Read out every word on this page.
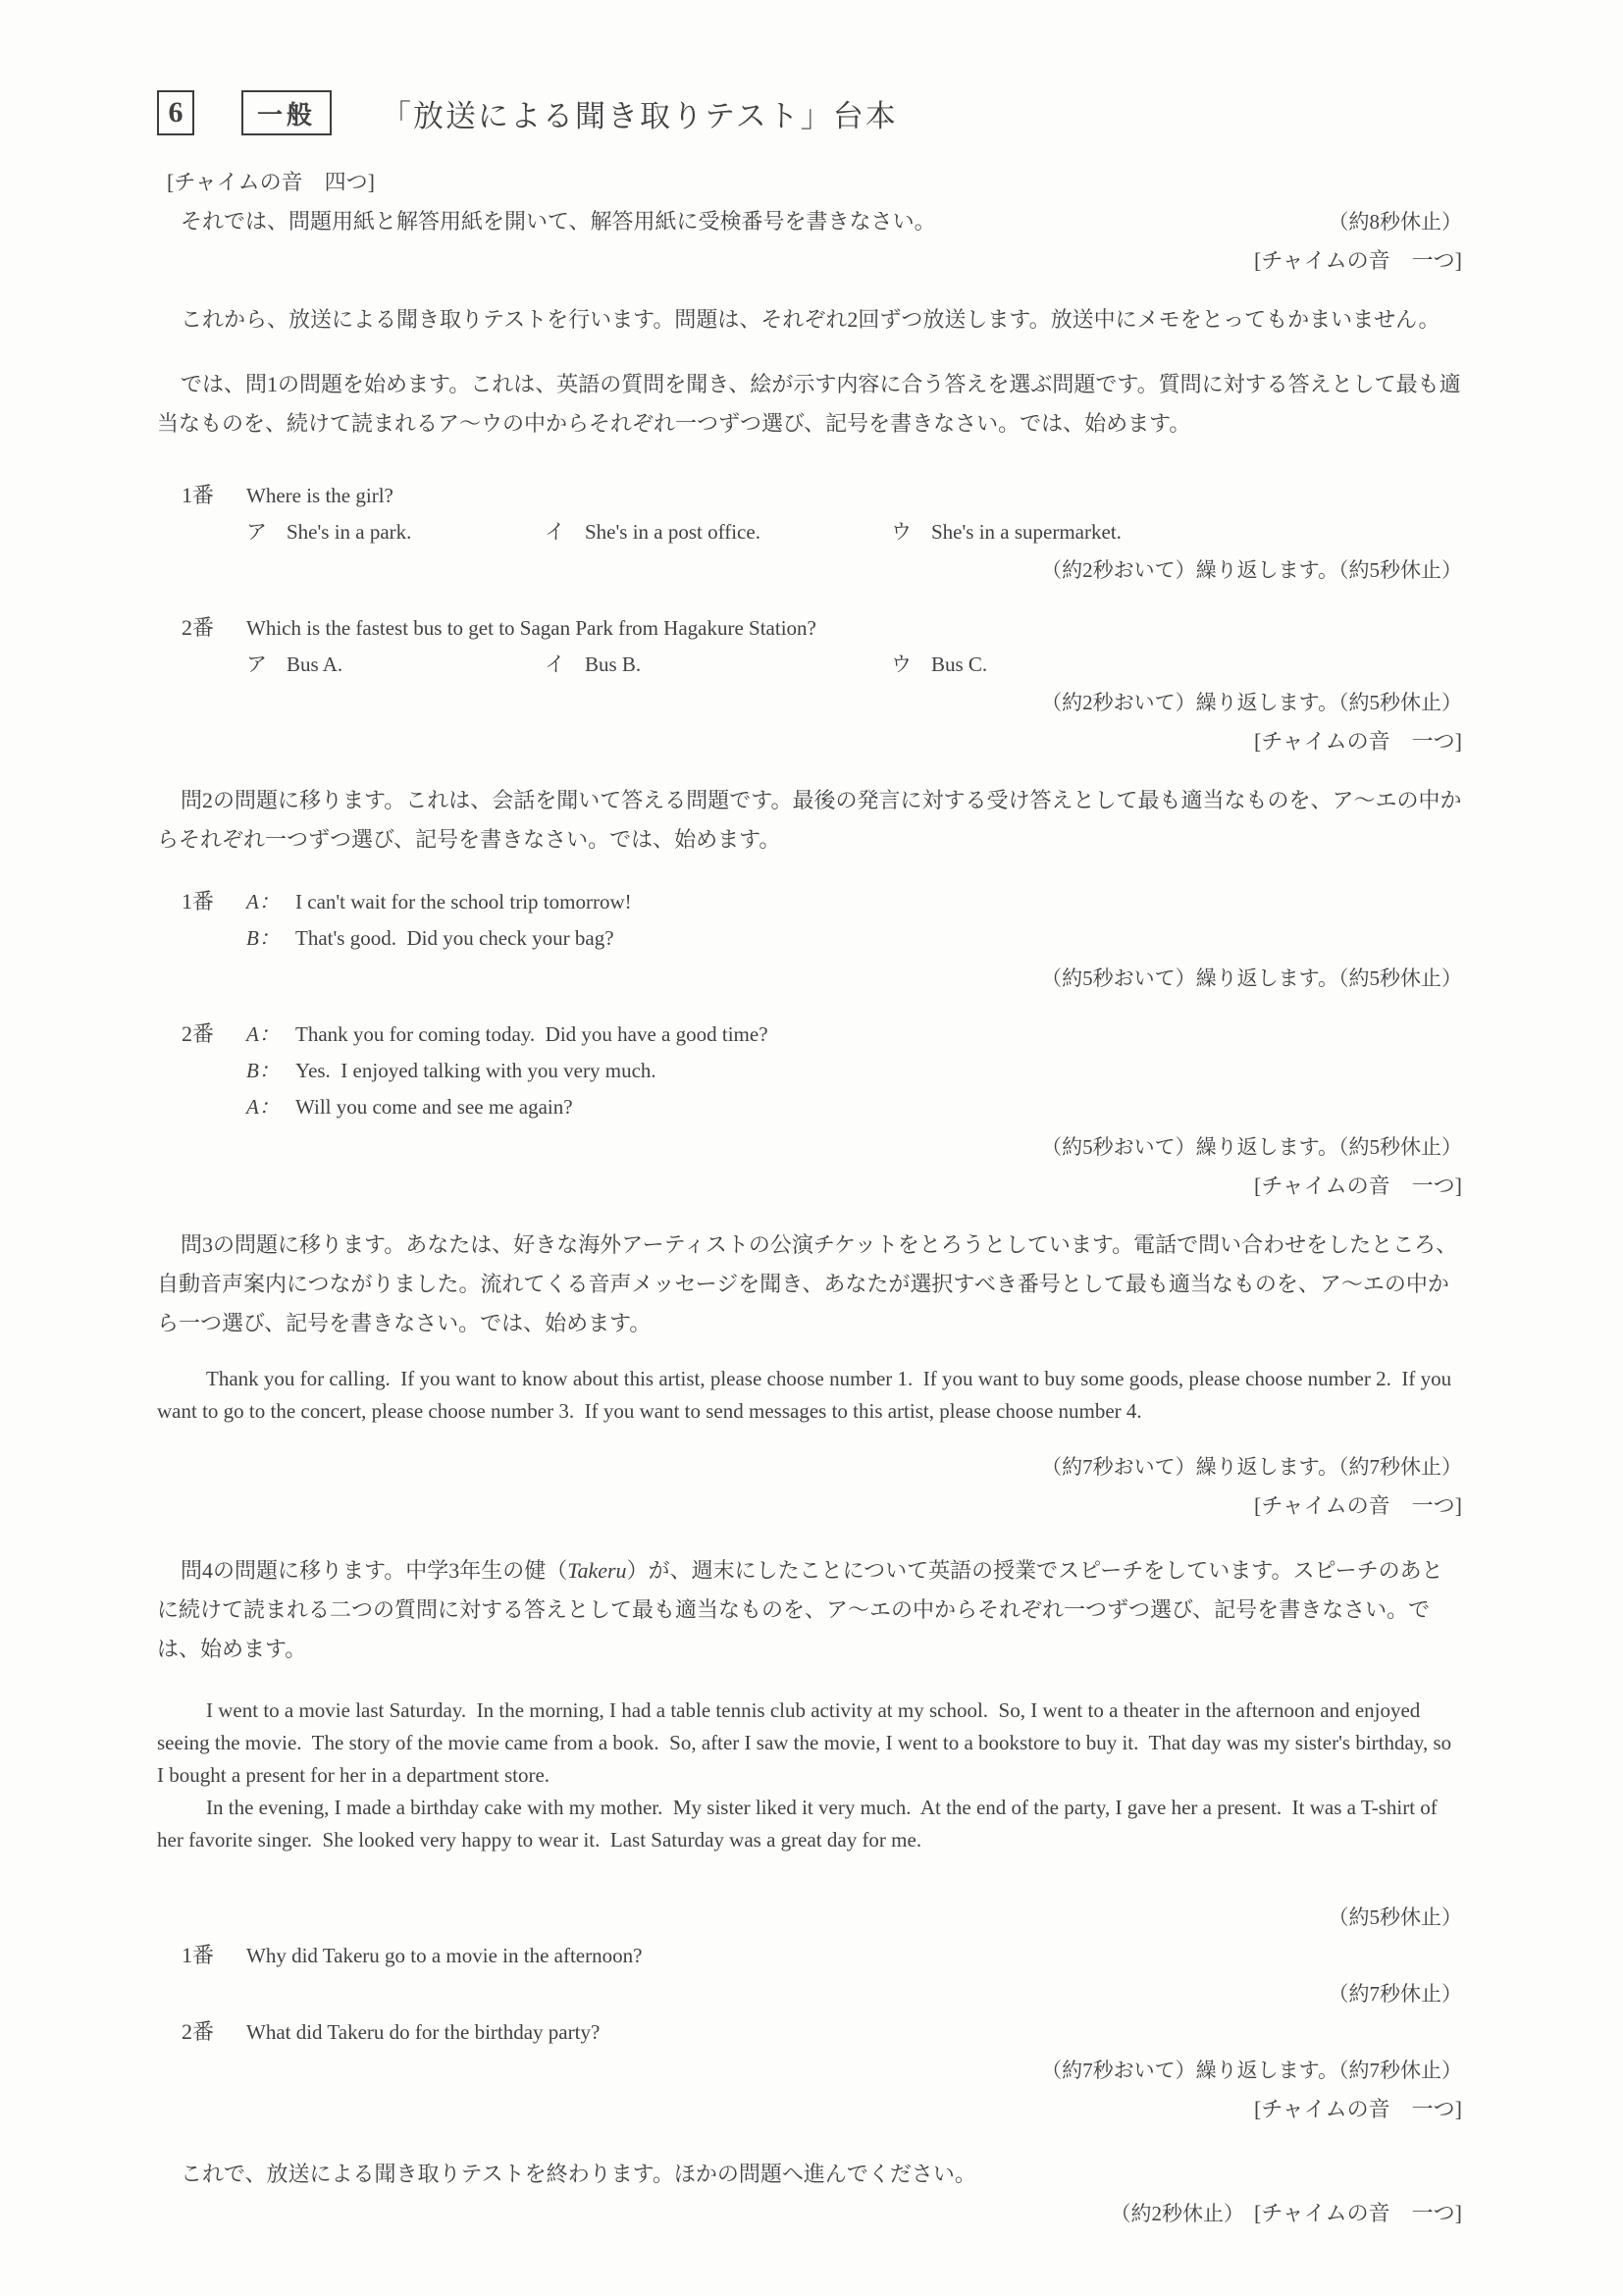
6	一般 「放送による聞き取りテスト」台本
[チャイムの音　四つ]
それでは、問題用紙と解答用紙を開いて、解答用紙に受検番号を書きなさい。	（約8秒休止）
[チャイムの音　一つ]
これから、放送による聞き取りテストを行います。問題は、それぞれ2回ずつ放送します。放送中にメモをとってもかまいません。
では、問1の問題を始めます。これは、英語の質問を聞き、絵が示す内容に合う答えを選ぶ問題です。質問に対する答えとして最も適当なものを、続けて読まれるア～ウの中からそれぞれ一つずつ選び、記号を書きなさい。では、始めます。
1番	Where is the girl?
ア She's in a park.	イ She's in a post office.	ウ She's in a supermarket.
（約2秒おいて）繰り返します。（約5秒休止）
2番	Which is the fastest bus to get to Sagan Park from Hagakure Station?
ア Bus A.	イ Bus B.	ウ Bus C.
（約2秒おいて）繰り返します。（約5秒休止）
[チャイムの音　一つ]
問2の問題に移ります。これは、会話を聞いて答える問題です。最後の発言に対する受け答えとして最も適当なものを、ア～エの中からそれぞれ一つずつ選び、記号を書きなさい。では、始めます。
1番	A： I can't wait for the school trip tomorrow!
B： That's good.  Did you check your bag?
（約5秒おいて）繰り返します。（約5秒休止）
2番	A： Thank you for coming today.  Did you have a good time?
B： Yes.  I enjoyed talking with you very much.
A： Will you come and see me again?
（約5秒おいて）繰り返します。（約5秒休止）
[チャイムの音　一つ]
問3の問題に移ります。あなたは、好きな海外アーティストの公演チケットをとろうとしています。電話で問い合わせをしたところ、自動音声案内につながりました。流れてくる音声メッセージを聞き、あなたが選択すべき番号として最も適当なものを、ア～エの中から一つ選び、記号を書きなさい。では、始めます。
Thank you for calling.  If you want to know about this artist, please choose number 1.  If you want to buy some goods, please choose number 2.  If you want to go to the concert, please choose number 3.  If you want to send messages to this artist, please choose number 4.
（約7秒おいて）繰り返します。（約7秒休止）
[チャイムの音　一つ]
問4の問題に移ります。中学3年生の健（Takeru）が、週末にしたことについて英語の授業でスピーチをしています。スピーチのあとに続けて読まれる二つの質問に対する答えとして最も適当なものを、ア～エの中からそれぞれ一つずつ選び、記号を書きなさい。では、始めます。
I went to a movie last Saturday.  In the morning, I had a table tennis club activity at my school.  So, I went to a theater in the afternoon and enjoyed seeing the movie.  The story of the movie came from a book.  So, after I saw the movie, I went to a bookstore to buy it.  That day was my sister's birthday, so I bought a present for her in a department store.
In the evening, I made a birthday cake with my mother.  My sister liked it very much.  At the end of the party, I gave her a present.  It was a T-shirt of her favorite singer.  She looked very happy to wear it.  Last Saturday was a great day for me.
（約5秒休止）
1番	Why did Takeru go to a movie in the afternoon?
（約7秒休止）
2番	What did Takeru do for the birthday party?
（約7秒おいて）繰り返します。（約7秒休止）
[チャイムの音　一つ]
これで、放送による聞き取りテストを終わります。ほかの問題へ進んでください。
（約2秒休止） [チャイムの音　一つ]
